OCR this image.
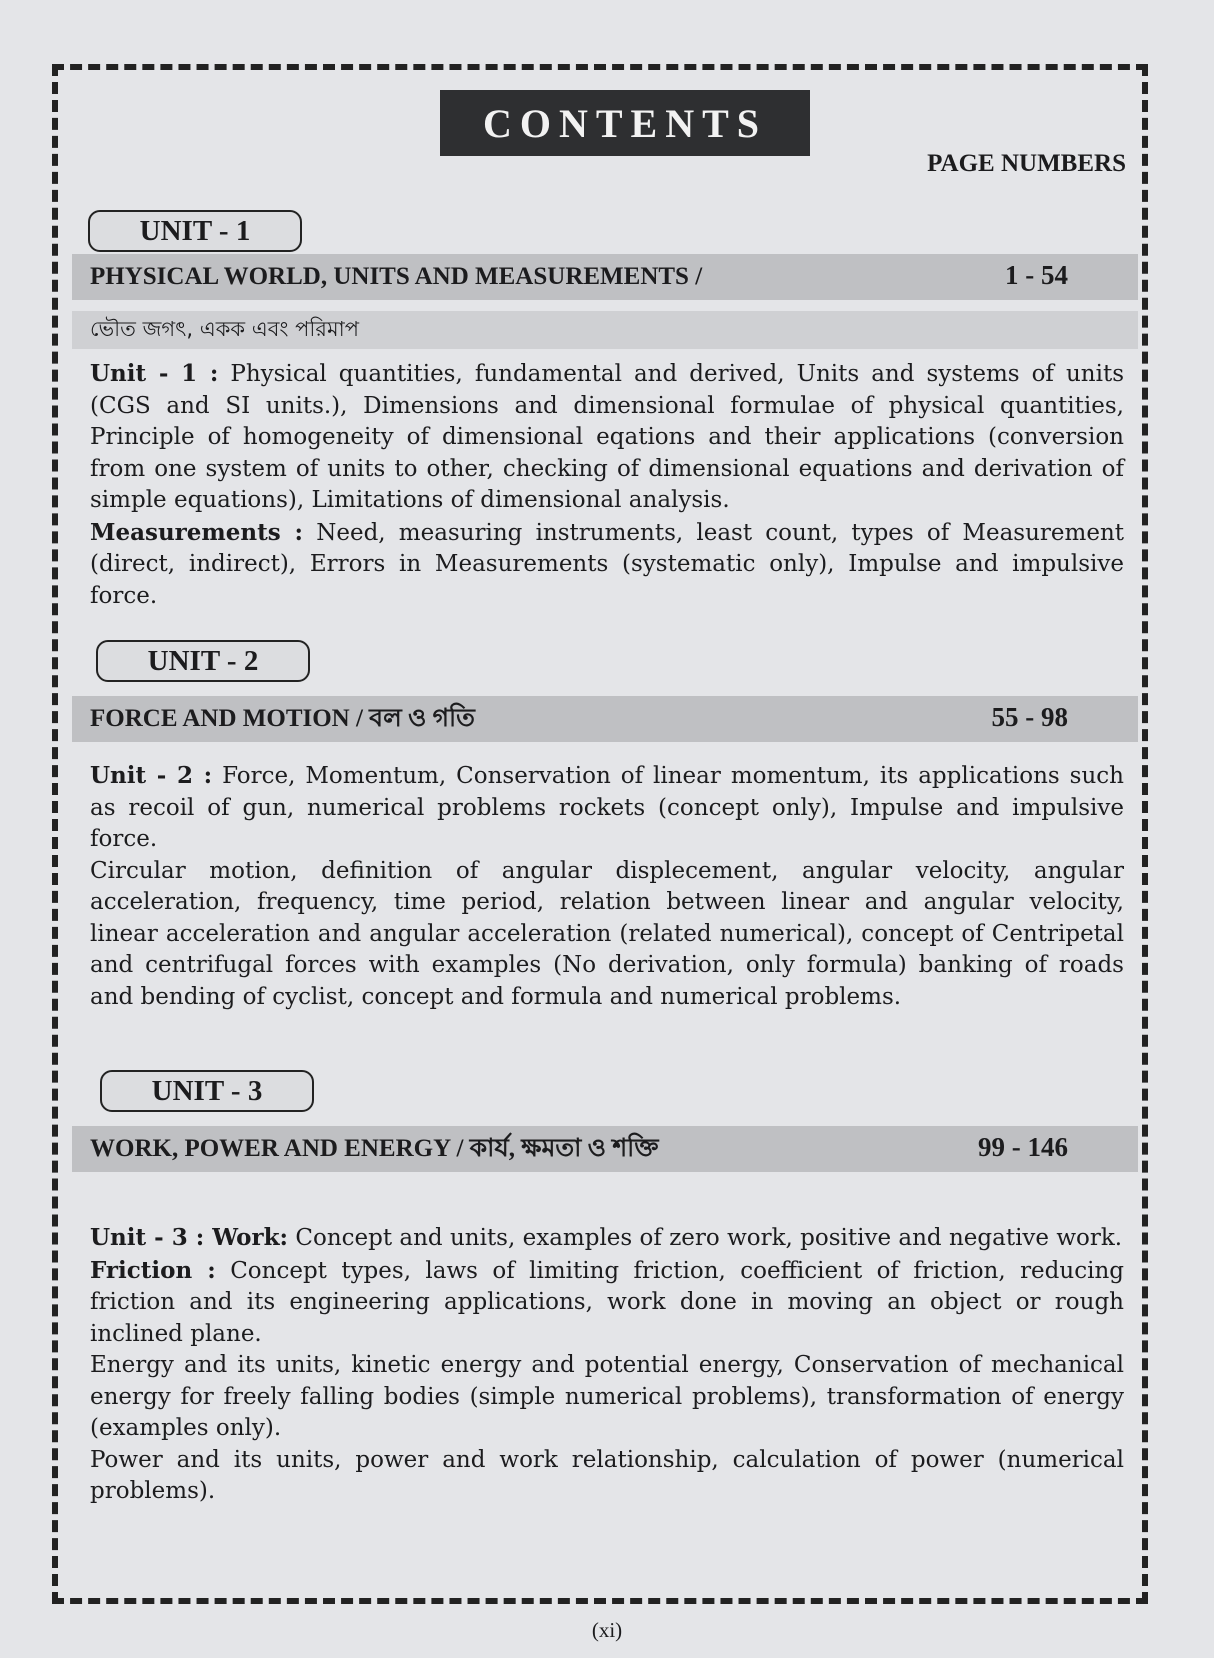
CONTENTS
PAGE NUMBERS
UNIT - 1
PHYSICAL WORLD, UNITS AND MEASUREMENTS /	1 - 54
ভৌত জগৎ, একক এবং পরিমাপ

Unit - 1 : Physical quantities, fundamental and derived, Units and systems of units (CGS and SI units.), Dimensions and dimensional formulae of physical quantities, Principle of homogeneity of dimensional eqations and their applications (conversion from one system of units to other, checking of dimensional equations and derivation of simple equations), Limitations of dimensional analysis.

Measurements : Need, measuring instruments, least count, types of Measurement (direct, indirect), Errors in Measurements (systematic only), Impulse and impulsive force.

UNIT - 2
FORCE AND MOTION / বল ও গতি	55 - 98

Unit - 2 : Force, Momentum, Conservation of linear momentum, its applications such as recoil of gun, numerical problems rockets (concept only), Impulse and impulsive force.

Circular motion, definition of angular displecement, angular velocity, angular acceleration, frequency, time period, relation between linear and angular velocity, linear acceleration and angular acceleration (related numerical), concept of Centripetal and centrifugal forces with examples (No derivation, only formula) banking of roads and bending of cyclist, concept and formula and numerical problems.

UNIT - 3
WORK, POWER AND ENERGY / কার্য, ক্ষমতা ও শক্তি	99 - 146

Unit - 3 : Work: Concept and units, examples of zero work, positive and negative work.

Friction : Concept types, laws of limiting friction, coefficient of friction, reducing friction and its engineering applications, work done in moving an object or rough inclined plane.

Energy and its units, kinetic energy and potential energy, Conservation of mechanical energy for freely falling bodies (simple numerical problems), transformation of energy (examples only).

Power and its units, power and work relationship, calculation of power (numerical problems).

(xi)
